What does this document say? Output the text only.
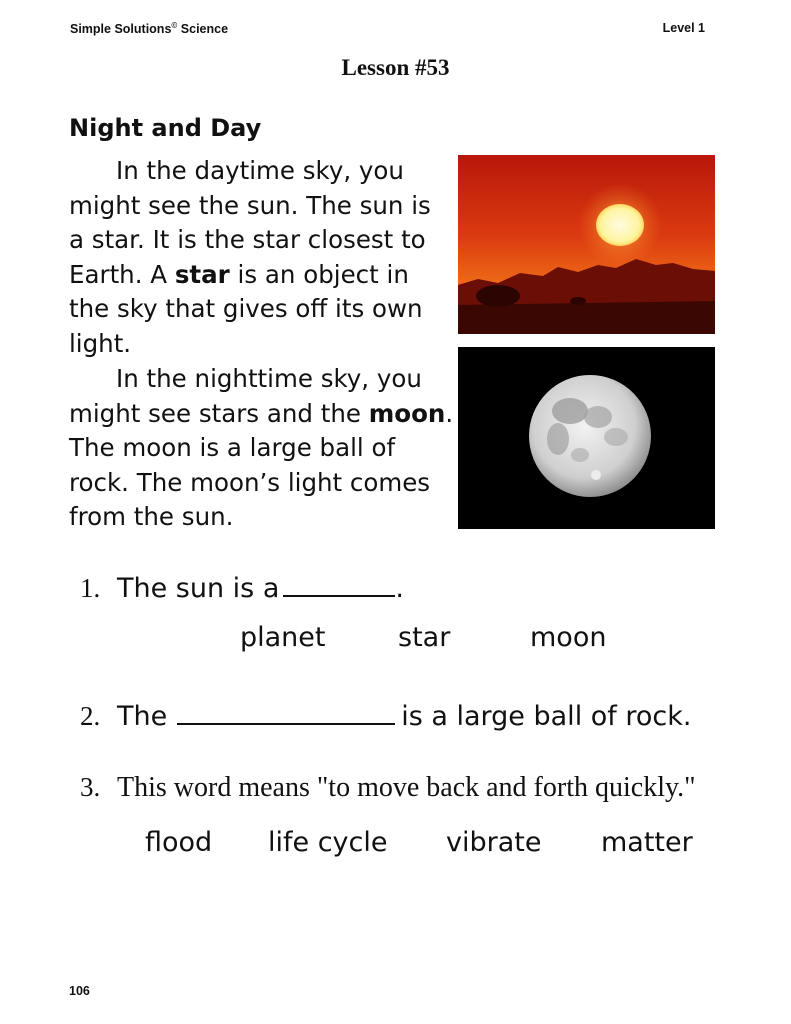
Simple Solutions© Science	Level 1
Lesson #53
Night and Day

In the daytime sky, you might see the sun. The sun is a star. It is the star closest to Earth. A star is an object in the sky that gives off its own light.

In the nighttime sky, you might see stars and the moon. The moon is a large ball of rock. The moon’s light comes from the sun.

1. The sun is a	.
planet	star	moon
2. The	is a large ball of rock.
3. This word means "to move back and forth quickly."
flood life cycle vibrate matter
106
